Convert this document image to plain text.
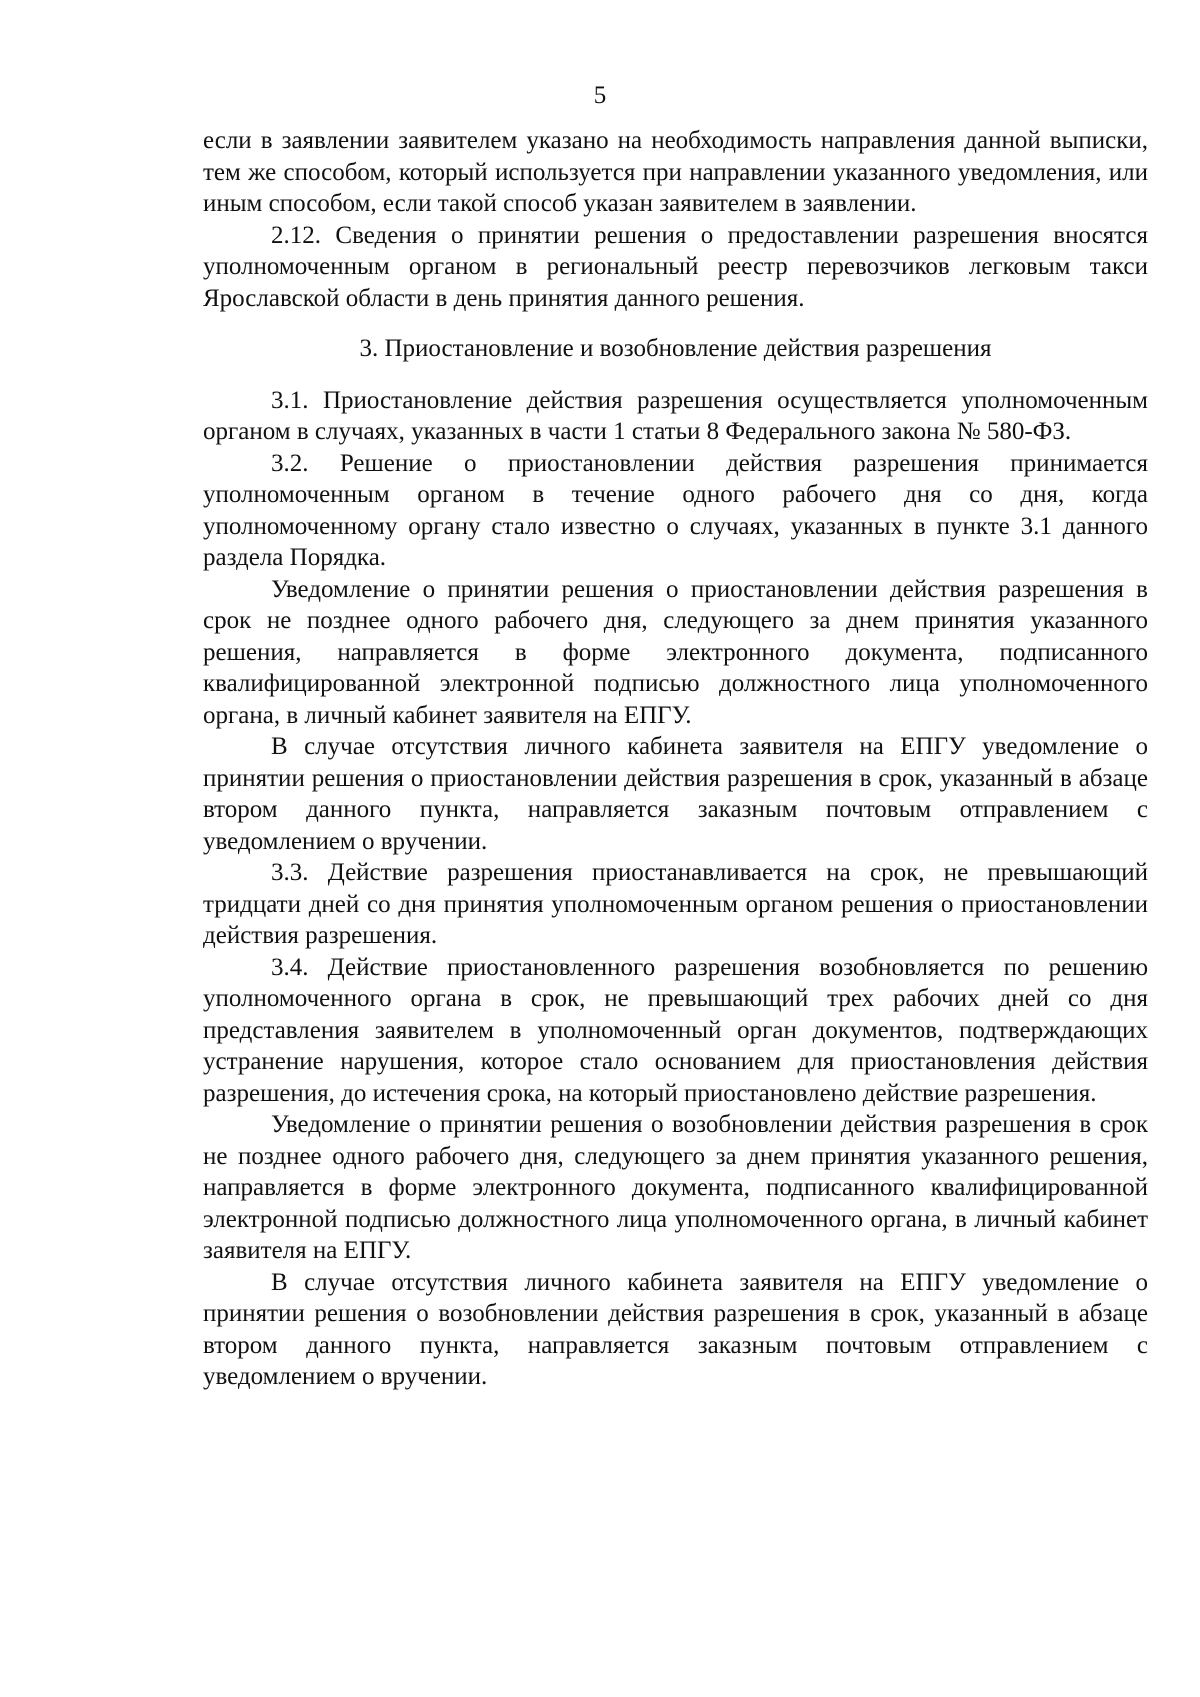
5

если в заявлении заявителем указано на необходимость направления данной выписки, тем же способом, который используется при направлении указанного уведомления, или иным способом, если такой способ указан заявителем в заявлении.

2.12. Сведения о принятии решения о предоставлении разрешения вносятся уполномоченным органом в региональный реестр перевозчиков легковым такси Ярославской области в день принятия данного решения.

3. Приостановление и возобновление действия разрешения

3.1. Приостановление действия разрешения осуществляется уполномоченным органом в случаях, указанных в части 1 статьи 8 Федерального закона № 580-ФЗ.

3.2. Решение о приостановлении действия разрешения принимается уполномоченным органом в течение одного рабочего дня со дня, когда уполномоченному органу стало известно о случаях, указанных в пункте 3.1 данного раздела Порядка.

Уведомление о принятии решения о приостановлении действия разрешения в срок не позднее одного рабочего дня, следующего за днем принятия указанного решения, направляется в форме электронного документа, подписанного квалифицированной электронной подписью должностного лица уполномоченного органа, в личный кабинет заявителя на ЕПГУ.

В случае отсутствия личного кабинета заявителя на ЕПГУ уведомление о принятии решения о приостановлении действия разрешения в срок, указанный в абзаце втором данного пункта, направляется заказным почтовым отправлением с уведомлением о вручении.

3.3. Действие разрешения приостанавливается на срок, не превышающий тридцати дней со дня принятия уполномоченным органом решения о приостановлении действия разрешения.

3.4. Действие приостановленного разрешения возобновляется по решению уполномоченного органа в срок, не превышающий трех рабочих дней со дня представления заявителем в уполномоченный орган документов, подтверждающих устранение нарушения, которое стало основанием для приостановления действия разрешения, до истечения срока, на который приостановлено действие разрешения.

Уведомление о принятии решения о возобновлении действия разрешения в срок не позднее одного рабочего дня, следующего за днем принятия указанного решения, направляется в форме электронного документа, подписанного квалифицированной электронной подписью должностного лица уполномоченного органа, в личный кабинет заявителя на ЕПГУ.

В случае отсутствия личного кабинета заявителя на ЕПГУ уведомление о принятии решения о возобновлении действия разрешения в срок, указанный в абзаце втором данного пункта, направляется заказным почтовым отправлением с уведомлением о вручении.
